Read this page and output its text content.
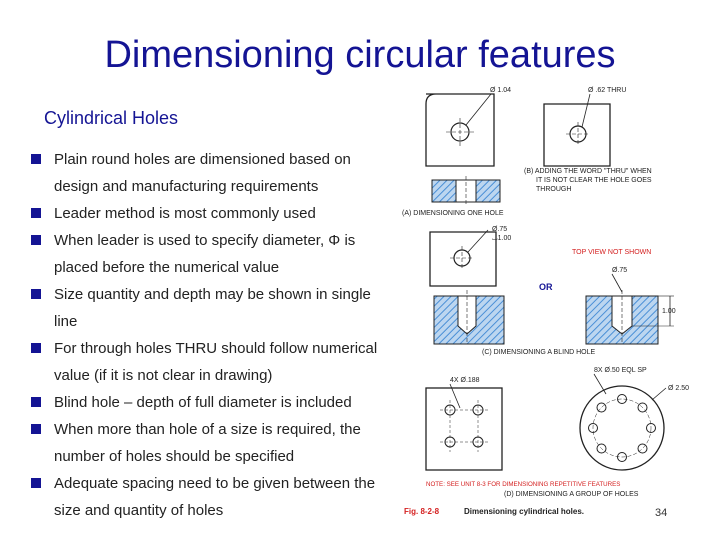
Dimensioning circular features
Cylindrical Holes
Plain round holes are dimensioned based on design and manufacturing requirements
Leader method is most commonly used
When leader is used to specify diameter, Φ is placed before the numerical value
Size quantity and depth may be shown in single line
For through holes THRU should follow numerical value (if it is not clear in drawing)
Blind hole – depth of full diameter is included
When more than hole of a size is required, the number of holes should be specified
Adequate spacing need to be given between the size and quantity of holes
Ø 1.04
(A) DIMENSIONING ONE HOLE
Ø .62 THRU
(B) ADDING THE WORD "THRU" WHEN
IT IS NOT CLEAR THE HOLE GOES
THROUGH
Ø.75
⌴1.00
TOP VIEW NOT SHOWN
Ø.75
OR
1.00
(C) DIMENSIONING A BLIND HOLE
4X Ø.188
8X Ø.50 EQL SP
Ø 2.50
NOTE: SEE UNIT 8-3 FOR DIMENSIONING REPETITIVE FEATURES
(D) DIMENSIONING A GROUP OF HOLES
Fig. 8-2-8	Dimensioning cylindrical holes.	34
